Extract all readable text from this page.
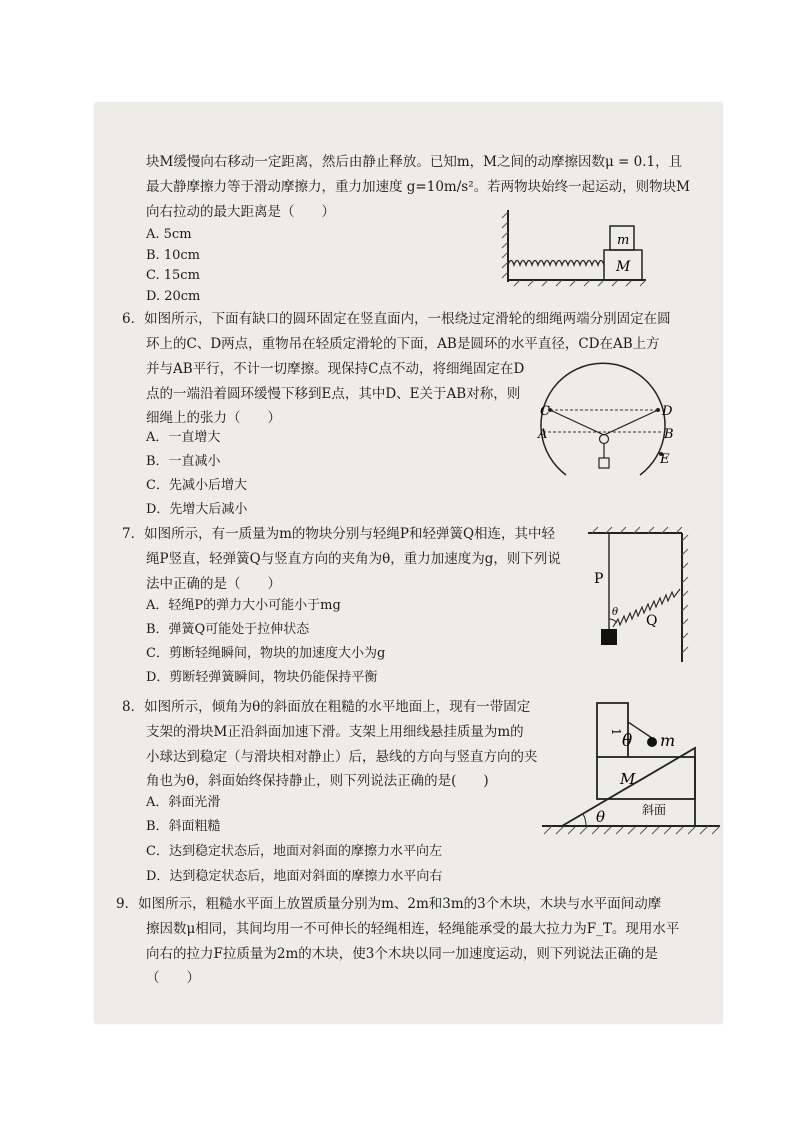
块M缓慢向右移动一定距离，然后由静止释放。已知m，M之间的动摩擦因数μ = 0.1，且
最大静摩擦力等于滑动摩擦力，重力加速度 g=10m/s²。若两物块始终一起运动，则物块M
向右拉动的最大距离是（　　）
A. 5cm
B. 10cm
C. 15cm
D. 20cm
m
M
6．如图所示，下面有缺口的圆环固定在竖直面内，一根绕过定滑轮的细绳两端分别固定在圆
环上的C、D两点，重物吊在轻质定滑轮的下面，AB是圆环的水平直径，CD在AB上方
并与AB平行，不计一切摩擦。现保持C点不动，将细绳固定在D
点的一端沿着圆环缓慢下移到E点，其中D、E关于AB对称，则
细绳上的张力（　　）
A．一直增大
B．一直减小
C．先减小后增大
D．先增大后减小
C	D
A	B
E
7．如图所示，有一质量为m的物块分别与轻绳P和轻弹簧Q相连，其中轻
绳P竖直，轻弹簧Q与竖直方向的夹角为θ，重力加速度为g，则下列说
法中正确的是（　　）
A．轻绳P的弹力大小可能小于mg
B．弹簧Q可能处于拉伸状态
C．剪断轻绳瞬间，物块的加速度大小为g
D．剪断轻弹簧瞬间，物块仍能保持平衡
P
Q
θ
8．如图所示，倾角为θ的斜面放在粗糙的水平地面上，现有一带固定
支架的滑块M正沿斜面加速下滑。支架上用细线悬挂质量为m的
小球达到稳定（与滑块相对静止）后，悬线的方向与竖直方向的夹
角也为θ，斜面始终保持静止，则下列说法正确的是(　　)
A．斜面光滑
B．斜面粗糙
C．达到稳定状态后，地面对斜面的摩擦力水平向左
D．达到稳定状态后，地面对斜面的摩擦力水平向右
1 θ m
M
斜面
θ
9．如图所示，粗糙水平面上放置质量分别为m、2m和3m的3个木块，木块与水平面间动摩
擦因数μ相同，其间均用一不可伸长的轻绳相连，轻绳能承受的最大拉力为F_T。现用水平
向右的拉力F拉质量为2m的木块，使3个木块以同一加速度运动，则下列说法正确的是
（　　）
